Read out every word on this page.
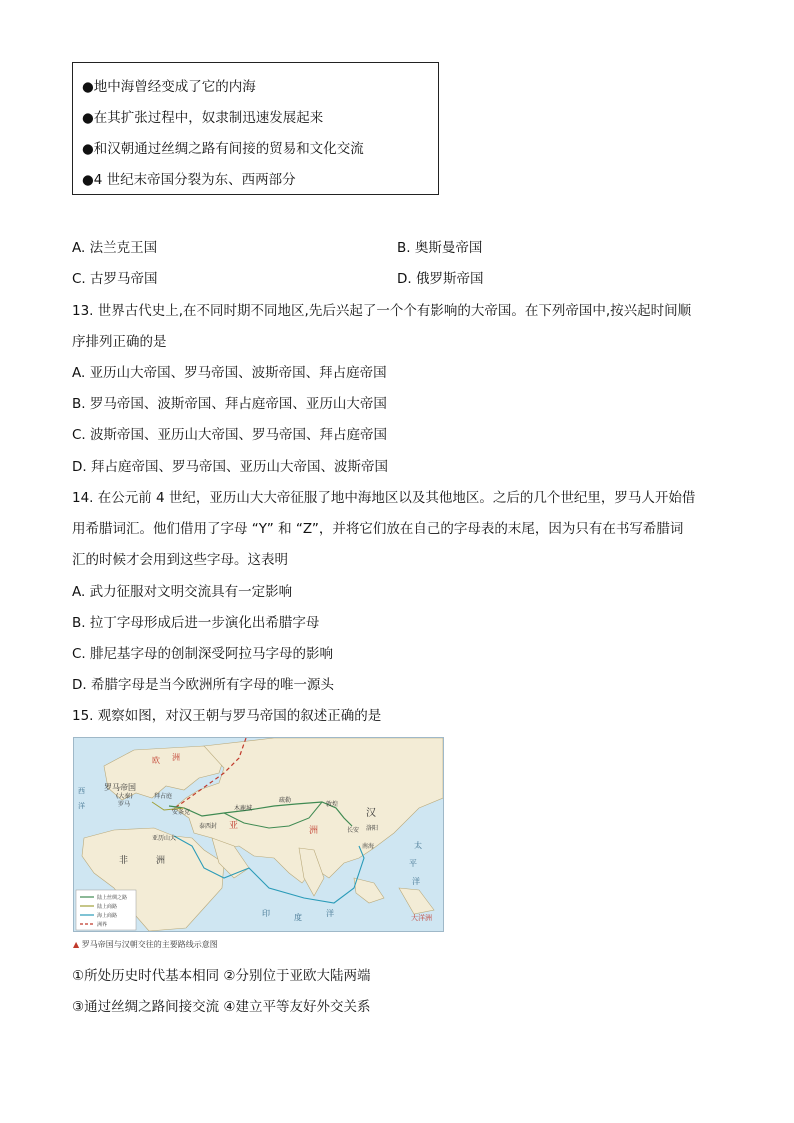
●地中海曾经变成了它的内海
●在其扩张过程中，奴隶制迅速发展起来
●和汉朝通过丝绸之路有间接的贸易和文化交流
●4 世纪末帝国分裂为东、西两部分
A. 法兰克王国	B. 奥斯曼帝国
C. 古罗马帝国	D. 俄罗斯帝国
13. 世界古代史上,在不同时期不同地区,先后兴起了一个个有影响的大帝国。在下列帝国中,按兴起时间顺
序排列正确的是
A. 亚历山大帝国、罗马帝国、波斯帝国、拜占庭帝国
B. 罗马帝国、波斯帝国、拜占庭帝国、亚历山大帝国
C. 波斯帝国、亚历山大帝国、罗马帝国、拜占庭帝国
D. 拜占庭帝国、罗马帝国、亚历山大帝国、波斯帝国
14. 在公元前 4 世纪，亚历山大大帝征服了地中海地区以及其他地区。之后的几个世纪里，罗马人开始借
用希腊词汇。他们借用了字母 “Y” 和 “Z”，并将它们放在自己的字母表的末尾，因为只有在书写希腊词
汇的时候才会用到这些字母。这表明
A. 武力征服对文明交流具有一定影响
B. 拉丁字母形成后进一步演化出希腊字母
C. 腓尼基字母的创制深受阿拉马字母的影响
D. 希腊字母是当今欧洲所有字母的唯一源头
15. 观察如图，对汉王朝与罗马帝国的叙述正确的是
欧 洲
罗马帝国
(大秦)
罗马
拜占庭
安条克
木鹿城
疏勒
敦煌
汉
亚	洲	洛阳
长安
南海
泰西封
亚历山大
非	洲
印	度	洋
太
平
洋
大洋洲
西
洋
陆上丝绸之路
陆上商路
海上商路
洲界
▲ 罗马帝国与汉朝交往的主要路线示意图
①所处历史时代基本相同 ②分别位于亚欧大陆两端
③通过丝绸之路间接交流 ④建立平等友好外交关系
